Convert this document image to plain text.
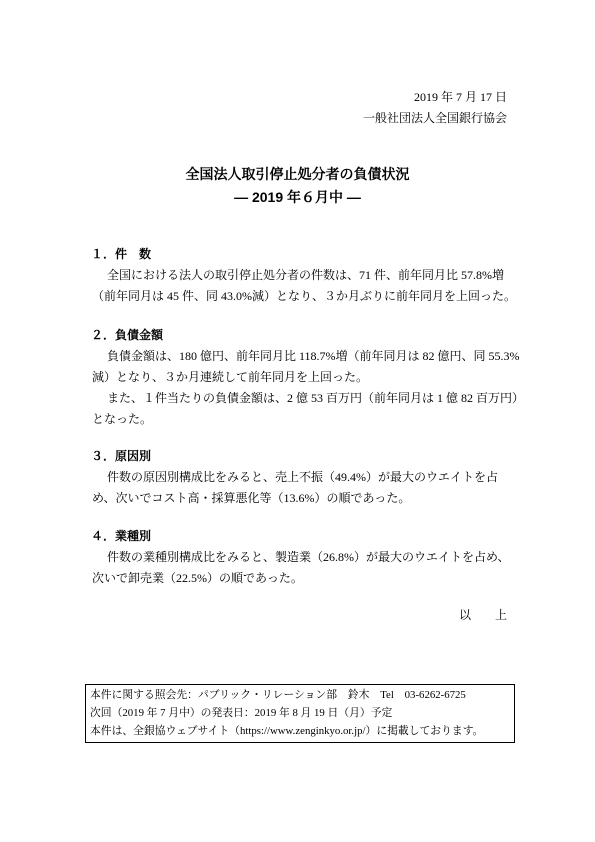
2019 年 7 月 17 日
一般社団法人全国銀行協会
全国法人取引停止処分者の負債状況
— 2019 年６月中 —
１．件　数
全国における法人の取引停止処分者の件数は、71 件、前年同月比 57.8%増
（前年同月は 45 件、同 43.0%減）となり、３か月ぶりに前年同月を上回った。
２．負債金額
負債金額は、180 億円、前年同月比 118.7%増（前年同月は 82 億円、同 55.3%
減）となり、３か月連続して前年同月を上回った。
また、１件当たりの負債金額は、2 億 53 百万円（前年同月は 1 億 82 百万円）
となった。
３．原因別
件数の原因別構成比をみると、売上不振（49.4%）が最大のウエイトを占
め、次いでコスト高・採算悪化等（13.6%）の順であった。
４．業種別
件数の業種別構成比をみると、製造業（26.8%）が最大のウエイトを占め、
次いで卸売業（22.5%）の順であった。
以　　上
本件に関する照会先：パブリック・リレーション部　鈴木　Tel　03-6262-6725
次回（2019 年 7 月中）の発表日：2019 年 8 月 19 日（月）予定
本件は、全銀協ウェブサイト（https://www.zenginkyo.or.jp/）に掲載しております。
